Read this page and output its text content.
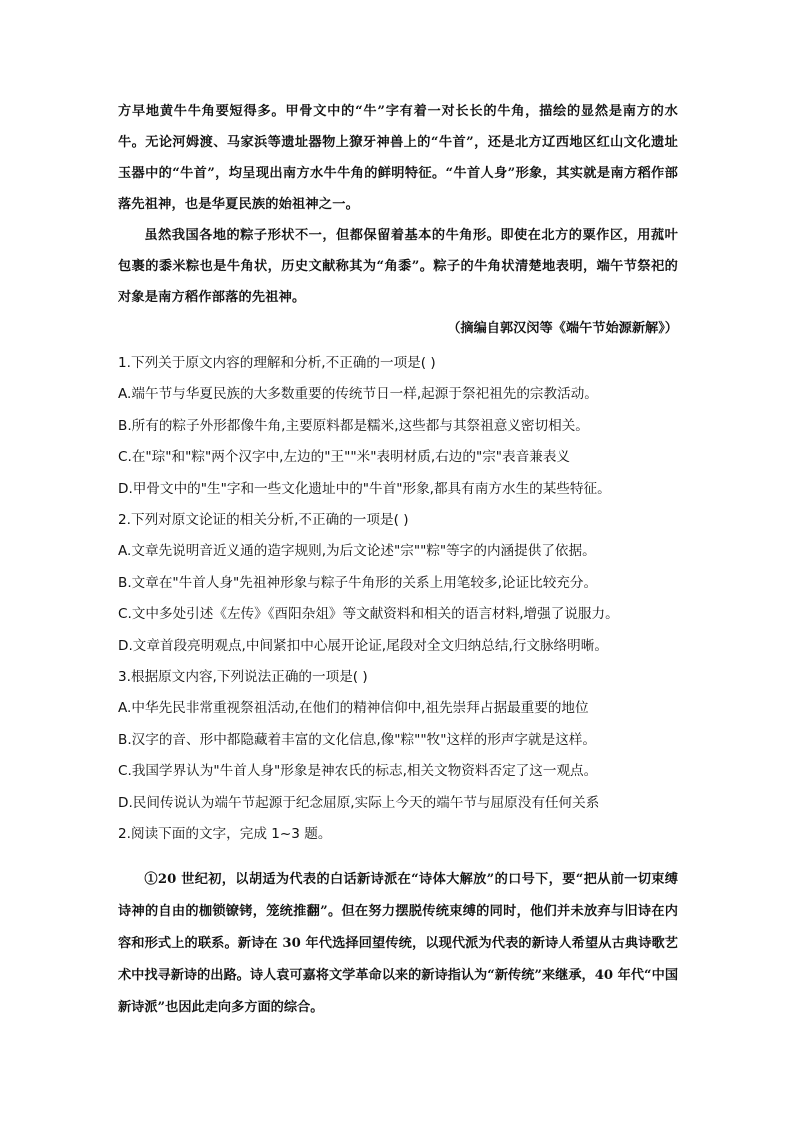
方早地黄牛牛角要短得多。甲骨文中的“牛”字有着一对长长的牛角，描绘的显然是南方的水牛。无论河姆渡、马家浜等遗址器物上獠牙神兽上的“牛首”，还是北方辽西地区红山文化遗址玉器中的“牛首”，均呈现出南方水牛牛角的鲜明特征。“牛首人身”形象，其实就是南方稻作部落先祖神，也是华夏民族的始祖神之一。

虽然我国各地的粽子形状不一，但都保留着基本的牛角形。即使在北方的粟作区，用菰叶包裹的黍米粽也是牛角状，历史文献称其为“角黍”。粽子的牛角状清楚地表明，端午节祭祀的对象是南方稻作部落的先祖神。

（摘编自郭汉闵等《端午节始源新解》）

1.下列关于原文内容的理解和分析,不正确的一项是( )

A.端午节与华夏民族的大多数重要的传统节日一样,起源于祭祀祖先的宗教活动。

B.所有的粽子外形都像牛角,主要原料都是糯米,这些都与其祭祖意义密切相关。

C.在"琮"和"粽"两个汉字中,左边的"王""米"表明材质,右边的"宗"表音兼表义

D.甲骨文中的"生"字和一些文化遗址中的"牛首"形象,都具有南方水生的某些特征。

2.下列对原文论证的相关分析,不正确的一项是( )

A.文章先说明音近义通的造字规则,为后文论述"宗""粽"等字的内涵提供了依据。

B.文章在"牛首人身"先祖神形象与粽子牛角形的关系上用笔较多,论证比较充分。

C.文中多处引述《左传》《酉阳杂俎》等文献资料和相关的语言材料,增强了说服力。

D.文章首段亮明观点,中间紧扣中心展开论证,尾段对全文归纳总结,行文脉络明晰。

3.根据原文内容,下列说法正确的一项是( )

A.中华先民非常重视祭祖活动,在他们的精神信仰中,祖先崇拜占据最重要的地位

B.汉字的音、形中都隐藏着丰富的文化信息,像"粽""牧"这样的形声字就是这样。

C.我国学界认为"牛首人身"形象是神农氏的标志,相关文物资料否定了这一观点。

D.民间传说认为端午节起源于纪念屈原,实际上今天的端午节与屈原没有任何关系

2.阅读下面的文字，完成 1~3 题。

①20 世纪初，以胡适为代表的白话新诗派在“诗体大解放”的口号下，要“把从前一切束缚诗神的自由的枷锁镣铐，笼统推翻”。但在努力摆脱传统束缚的同时，他们并未放弃与旧诗在内容和形式上的联系。新诗在 30 年代选择回望传统，以现代派为代表的新诗人希望从古典诗歌艺术中找寻新诗的出路。诗人袁可嘉将文学革命以来的新诗指认为“新传统”来继承，40 年代“中国新诗派”也因此走向多方面的综合。
